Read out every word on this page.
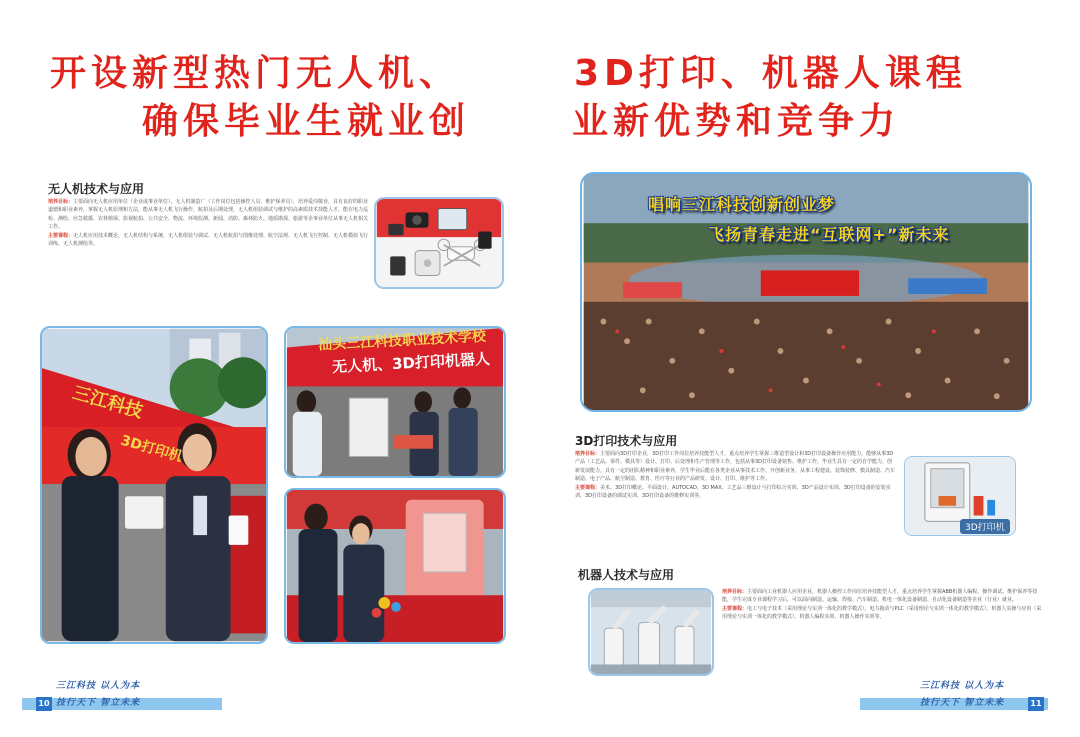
开设新型热门无人机、	3D打印、机器人课程
确保毕业生就业创	业新优势和竞争力
无人机技术与应用
培养目标：主要面向无人机应用单位（企业或事业单位），无人机制造厂（工作岗位包括操控人员，维护保养员），培养爱岗敬业，具有良好的职业道德和职业素养，掌握无人机原理和方法，能从事无人机飞行操作，航拍及后期处理，无人机组装调试与维护的高素质技术技能人才。能在电力巡检、测绘、应急救援、农林植保、影视航拍、公共安全、物流、环境监测、新闻、消防、森林防火、地质勘探、旅游等企事业单位从事无人机相关工作。
主要课程：无人机应用技术概论、无人机结构与系统、无人机组装与调试、无人机航拍与图像处理、航空法规、无人机飞行控制、无人机模拟飞行训练、无人机测绘等。
三江科技
3D打印机
汕头三江科技职业技术学校
无人机、3D打印机器人
唱响三江科技创新创业梦
飞扬青春走进“互联网+”新未来
3D打印技术与应用
培养目标：主要面向3D打印企业，3D打印工作岗位培养技能型人才，重点培养学生掌握三维造型设计和3D打印设备操作应用能力，能够从事3D产品（工艺品、零件、模具等）设计、打印、后处理和生产管理等工作，包括从事3D打印设备销售、维护工作，毕业生具有一定的自学能力，创新发展能力，具有一定的团队精神和职业素养，学生毕业后能在各类企业从事技术工作、开创新业务，从事工程建设、装饰装修、模具制造、汽车制造、电子产品、航空制造、教育、医疗等行业的产品研发、设计、打印、维护等工作。
主要课程：美术、3D打印概论、平面设计、AUTOCAD、3D MAX、工艺品三维设计与打印综合实训、3D产品设计实训、3D打印设备的安装实训、3D打印设备的调试实训、3D打印设备的维修实训等。
3D打印机
机器人技术与应用
培养目标：主要面向工业机器人应用企业，机器人操控工作岗位培养技能型人才，重点培养学生掌握ABB机器人编程、操作调试、维护保养等技能，学生完成专业课程学习后，可以面向制造、运输、焊接、汽车制造、机电一体化设备制造、自动化设备制造等企业（行业）就业。
主要课程：电工与电子技术（采用理论与实训一体化的教学模式）、电力拖动与PLC（采用理论与实训一体化的教学模式）、机器人实操与应用（采用理论与实训一体化的教学模式）、机器人编程实训、机器人操作实训等。
10
三江科技 以人为本
技行天下 智立未来
三江科技 以人为本
技行天下 智立未来	11
